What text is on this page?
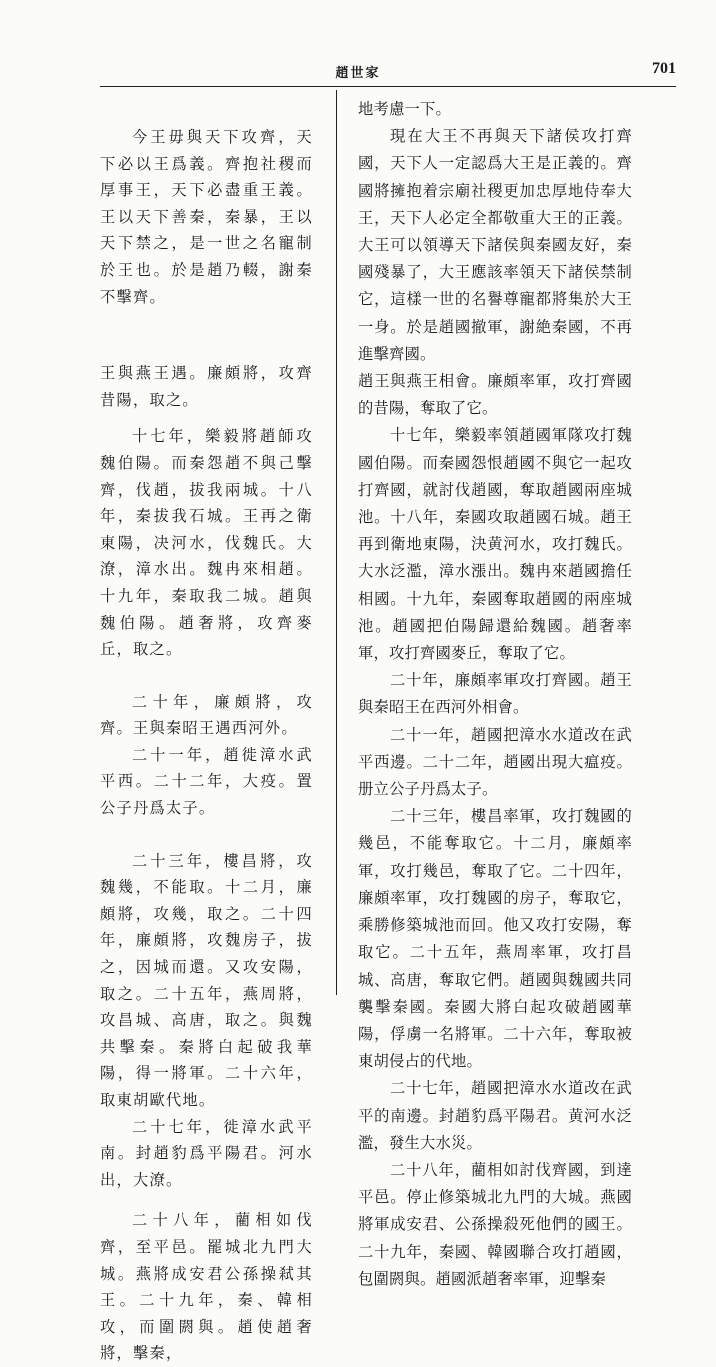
趙世家	701

今王毋與天下攻齊，天下必以王爲義。齊抱社稷而厚事王，天下必盡重王義。王以天下善秦，秦暴，王以天下禁之，是一世之名寵制於王也。於是趙乃輟，謝秦不擊齊。

王與燕王遇。廉頗將，攻齊昔陽，取之。

十七年，樂毅將趙師攻魏伯陽。而秦怨趙不與己擊齊，伐趙，拔我兩城。十八年，秦拔我石城。王再之衛東陽，决河水，伐魏氏。大潦，漳水出。魏冉來相趙。十九年，秦取我二城。趙與魏伯陽。趙奢將，攻齊麥丘，取之。

二十年，廉頗將，攻齊。王與秦昭王遇西河外。

二十一年，趙徙漳水武平西。二十二年，大疫。置公子丹爲太子。

二十三年，樓昌將，攻魏幾，不能取。十二月，廉頗將，攻幾，取之。二十四年，廉頗將，攻魏房子，拔之，因城而還。又攻安陽，取之。二十五年，燕周將，攻昌城、高唐，取之。與魏共擊秦。秦將白起破我華陽，得一將軍。二十六年，取東胡歐代地。

二十七年，徙漳水武平南。封趙豹爲平陽君。河水出，大潦。

二十八年，藺相如伐齊，至平邑。罷城北九門大城。燕將成安君公孫操弒其王。二十九年，秦、韓相攻，而圍閼與。趙使趙奢將，擊秦，

地考慮一下。

現在大王不再與天下諸侯攻打齊國，天下人一定認爲大王是正義的。齊國將擁抱着宗廟社稷更加忠厚地侍奉大王，天下人必定全都敬重大王的正義。大王可以領導天下諸侯與秦國友好，秦國殘暴了，大王應該率領天下諸侯禁制它，這樣一世的名譽尊寵都將集於大王一身。於是趙國撤軍，謝絶秦國，不再進擊齊國。

趙王與燕王相會。廉頗率軍，攻打齊國的昔陽，奪取了它。

十七年，樂毅率領趙國軍隊攻打魏國伯陽。而秦國怨恨趙國不與它一起攻打齊國，就討伐趙國，奪取趙國兩座城池。十八年，秦國攻取趙國石城。趙王再到衛地東陽，決黄河水，攻打魏氏。大水泛濫，漳水漲出。魏冉來趙國擔任相國。十九年，秦國奪取趙國的兩座城池。趙國把伯陽歸還給魏國。趙奢率軍，攻打齊國麥丘，奪取了它。

二十年，廉頗率軍攻打齊國。趙王與秦昭王在西河外相會。

二十一年，趙國把漳水水道改在武平西邊。二十二年，趙國出現大瘟疫。册立公子丹爲太子。

二十三年，樓昌率軍，攻打魏國的幾邑，不能奪取它。十二月，廉頗率軍，攻打幾邑，奪取了它。二十四年，廉頗率軍，攻打魏國的房子，奪取它，乘勝修築城池而回。他又攻打安陽，奪取它。二十五年，燕周率軍，攻打昌城、高唐，奪取它們。趙國與魏國共同襲擊秦國。秦國大將白起攻破趙國華陽，俘虜一名將軍。二十六年，奪取被東胡侵占的代地。

二十七年，趙國把漳水水道改在武平的南邊。封趙豹爲平陽君。黄河水泛濫，發生大水災。

二十八年，藺相如討伐齊國，到達平邑。停止修築城北九門的大城。燕國將軍成安君、公孫操殺死他們的國王。二十九年，秦國、韓國聯合攻打趙國，包圍閼與。趙國派趙奢率軍，迎擊秦
